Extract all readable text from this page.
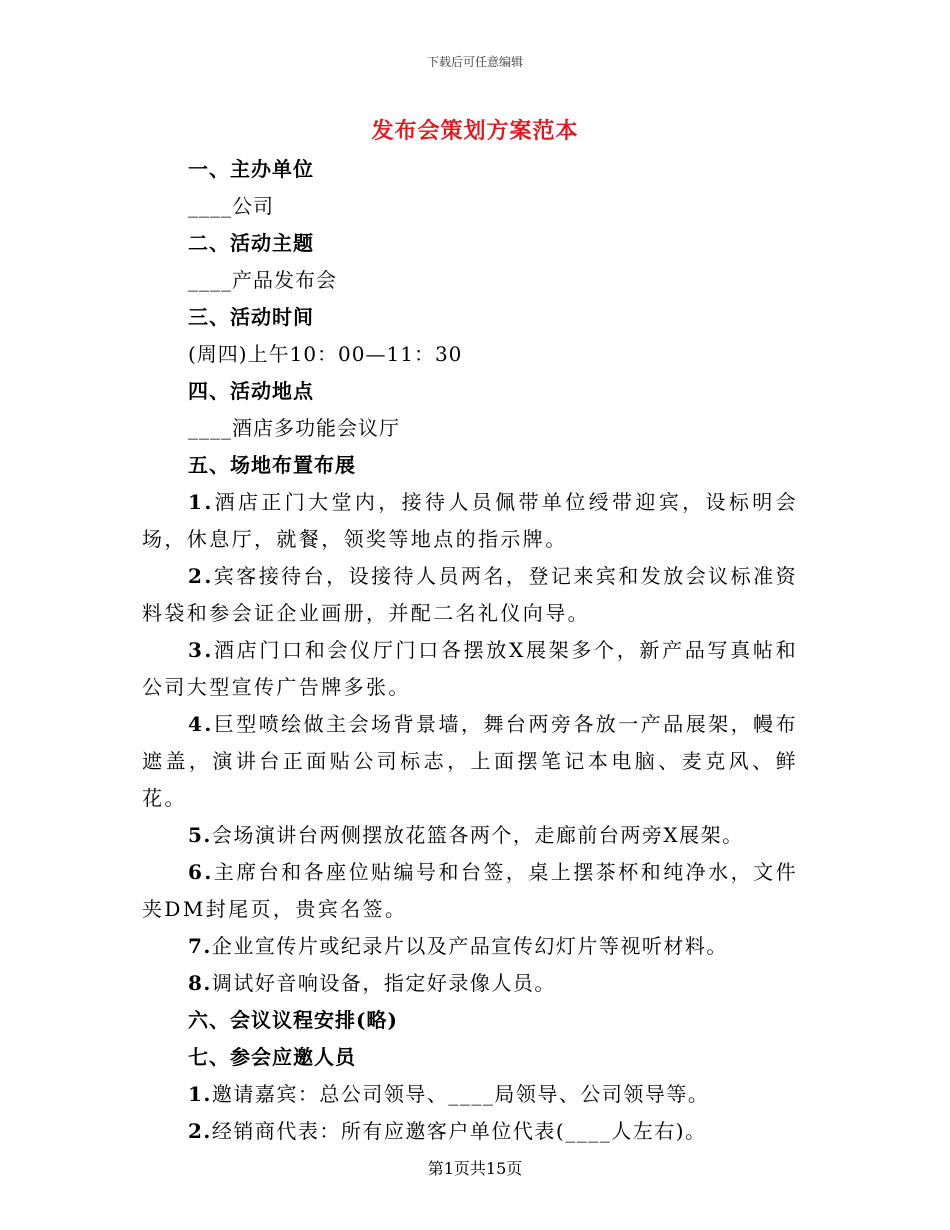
下载后可任意编辑
发布会策划方案范本
一、主办单位
____公司
二、活动主题
____产品发布会
三、活动时间
(周四)上午10：00—11：30
四、活动地点
____酒店多功能会议厅
五、场地布置布展
1.酒店正门大堂内，接待人员佩带单位绶带迎宾，设标明会场，休息厅，就餐，领奖等地点的指示牌。
2.宾客接待台，设接待人员两名，登记来宾和发放会议标准资料袋和参会证企业画册，并配二名礼仪向导。
3.酒店门口和会仪厅门口各摆放X展架多个，新产品写真帖和公司大型宣传广告牌多张。
4.巨型喷绘做主会场背景墙，舞台两旁各放一产品展架，幔布遮盖，演讲台正面贴公司标志，上面摆笔记本电脑、麦克风、鲜花。
5.会场演讲台两侧摆放花篮各两个，走廊前台两旁X展架。
6.主席台和各座位贴编号和台签，桌上摆茶杯和纯净水，文件夹DM封尾页，贵宾名签。
7.企业宣传片或纪录片以及产品宣传幻灯片等视听材料。
8.调试好音响设备，指定好录像人员。
六、会议议程安排(略)
七、参会应邀人员
1.邀请嘉宾：总公司领导、____局领导、公司领导等。
2.经销商代表：所有应邀客户单位代表(____人左右)。
第1页共15页
